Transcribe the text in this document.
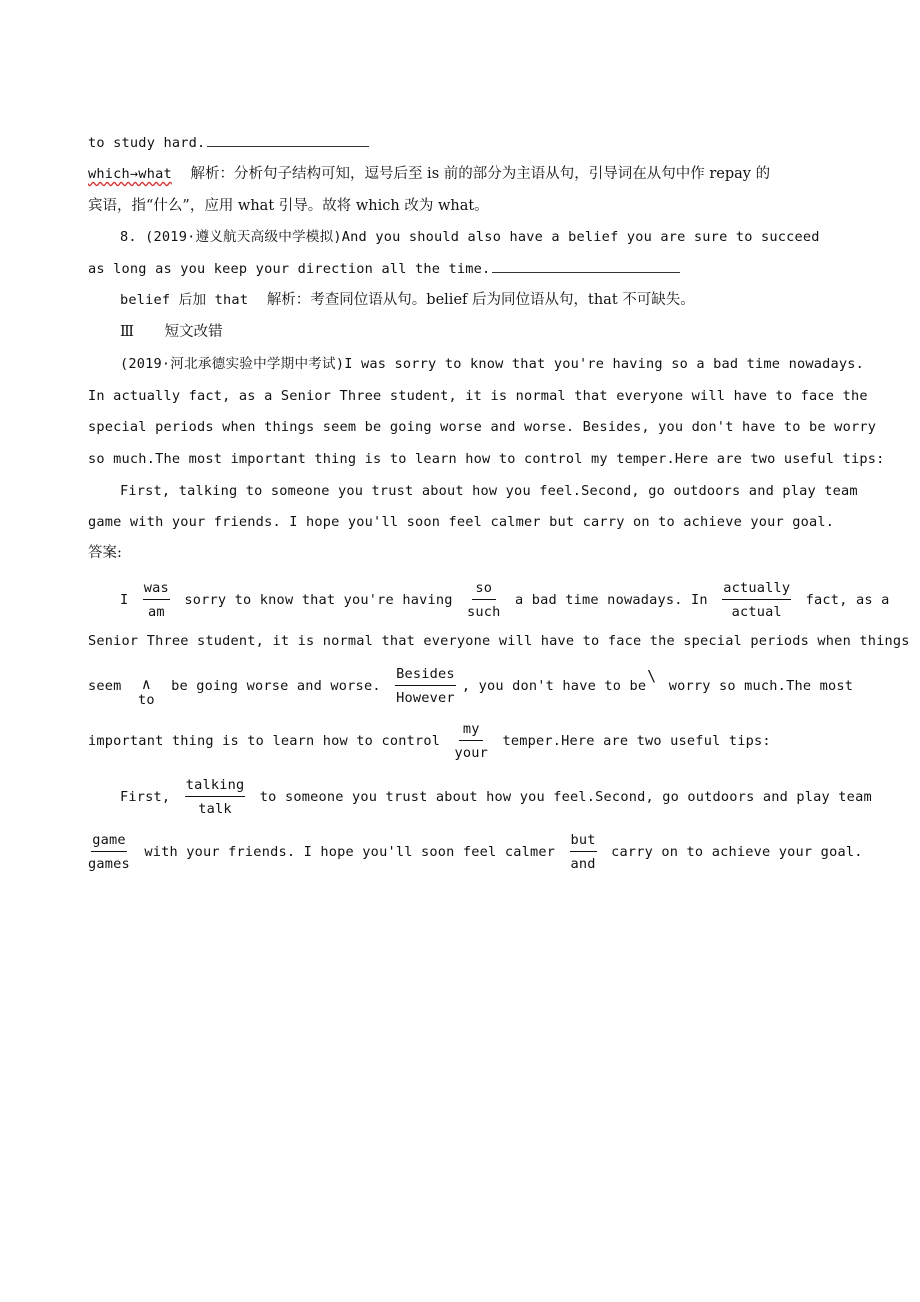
to study hard.
which→what 解析：分析句子结构可知，逗号后至 is 前的部分为主语从句，引导词在从句中作 repay 的
宾语，指“什么”，应用 what 引导。故将 which 改为 what。
8. (2019·遵义航天高级中学模拟)And you should also have a belief you are sure to succeed
as long as you keep your direction all the time.
belief 后加 that 解析：考查同位语从句。belief 后为同位语从句，that 不可缺失。
Ⅲ 短文改错
(2019·河北承德实验中学期中考试)I was sorry to know that you're having so a bad time nowadays.
In actually fact, as a Senior Three student, it is normal that everyone will have to face the
special periods when things seem be going worse and worse. Besides, you don't have to be worry
so much.The most important thing is to learn how to control my temper.Here are two useful tips:
First, talking to someone you trust about how you feel.Second, go outdoors and play team
game with your friends. I hope you'll soon feel calmer but carry on to achieve your goal.
答案:
I $\frac{\text{was}}{am}$ sorry to know that you're having $\frac{so}{\text{such}}$ a bad time nowadays. In $\frac{\text{actually}}{\text{actual}}$ fact, as a
Senior Three student, it is normal that everyone will have to face the special periods when things
seem ∧
to
be going worse and worse. $\frac{\text{Besides}}{\text{However}}$ , you don't have to be
\
worry so much.The most
important thing is to learn how to control $\frac{my}{\text{your}}$ temper.Here are two useful tips:
First, $\frac{\text{talking}}{\text{talk}}$ to someone you trust about how you feel.Second, go outdoors and play team
$\frac{\text{game}}{\text{games}}$ with your friends. I hope you'll soon feel calmer $\frac{\text{but}}{\text{and}}$ carry on to achieve your goal.
